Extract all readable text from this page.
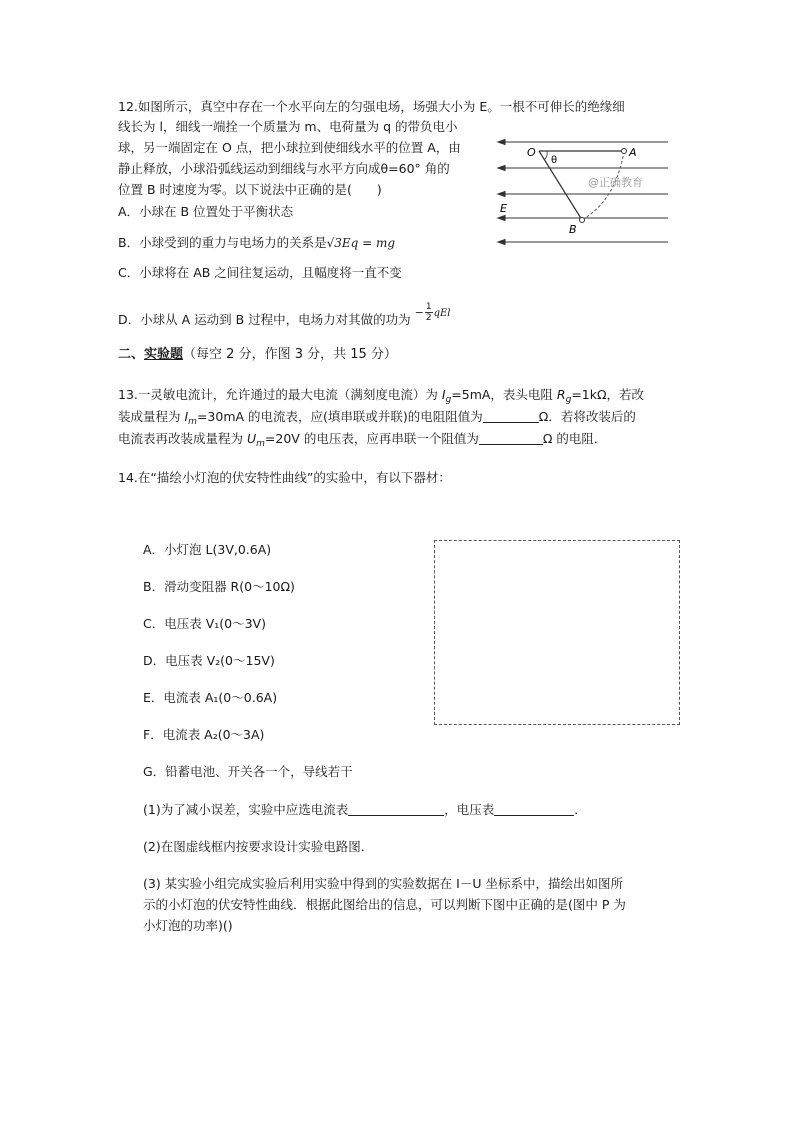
12.如图所示，真空中存在一个水平向左的匀强电场，场强大小为 E。一根不可伸长的绝缘细
线长为 l，细线一端拴一个质量为 m、电荷量为 q 的带负电小
球，另一端固定在 O 点，把小球拉到使细线水平的位置 A，由
静止释放，小球沿弧线运动到细线与水平方向成θ=60° 角的
位置 B 时速度为零。以下说法中正确的是(　　)
A．小球在 B 位置处于平衡状态
B．小球受到的重力与电场力的关系是√3Eq = mg
C．小球将在 AB 之间往复运动，且幅度将一直不变
D．小球从 A 运动到 B 过程中，电场力对其做的功为 − $\frac{1}{2} ^{qEl}$
O
θ
A
B
E
@正确教育
二、实验题（每空 2 分，作图 3 分，共 15 分）
13.一灵敏电流计，允许通过的最大电流（满刻度电流）为 $I_g=5mA$，表头电阻 $R_g=1k\Omega$，若改
装成量程为 $I_m=30mA$ 的电流表，应(填串联或并联)的电阻阻值为	Ω．若将改装后的
电流表再改装成量程为 $U_m=20V$ 的电压表，应再串联一个阻值为	Ω 的电阻．
14.在“描绘小灯泡的伏安特性曲线”的实验中，有以下器材：
A．小灯泡 L(3V,0.6A)
B．滑动变阻器 R(0～10Ω)
C．电压表 V₁(0～3V)
D．电压表 V₂(0～15V)
E．电流表 A₁(0～0.6A)
F．电流表 A₂(0～3A)
G．铅蓄电池、开关各一个，导线若干
(1)为了减小误差，实验中应选电流表	，电压表	．
(2)在图虚线框内按要求设计实验电路图．
(3) 某实验小组完成实验后利用实验中得到的实验数据在 I－U 坐标系中，描绘出如图所
示的小灯泡的伏安特性曲线．根据此图给出的信息，可以判断下图中正确的是(图中 P 为
小灯泡的功率)()
